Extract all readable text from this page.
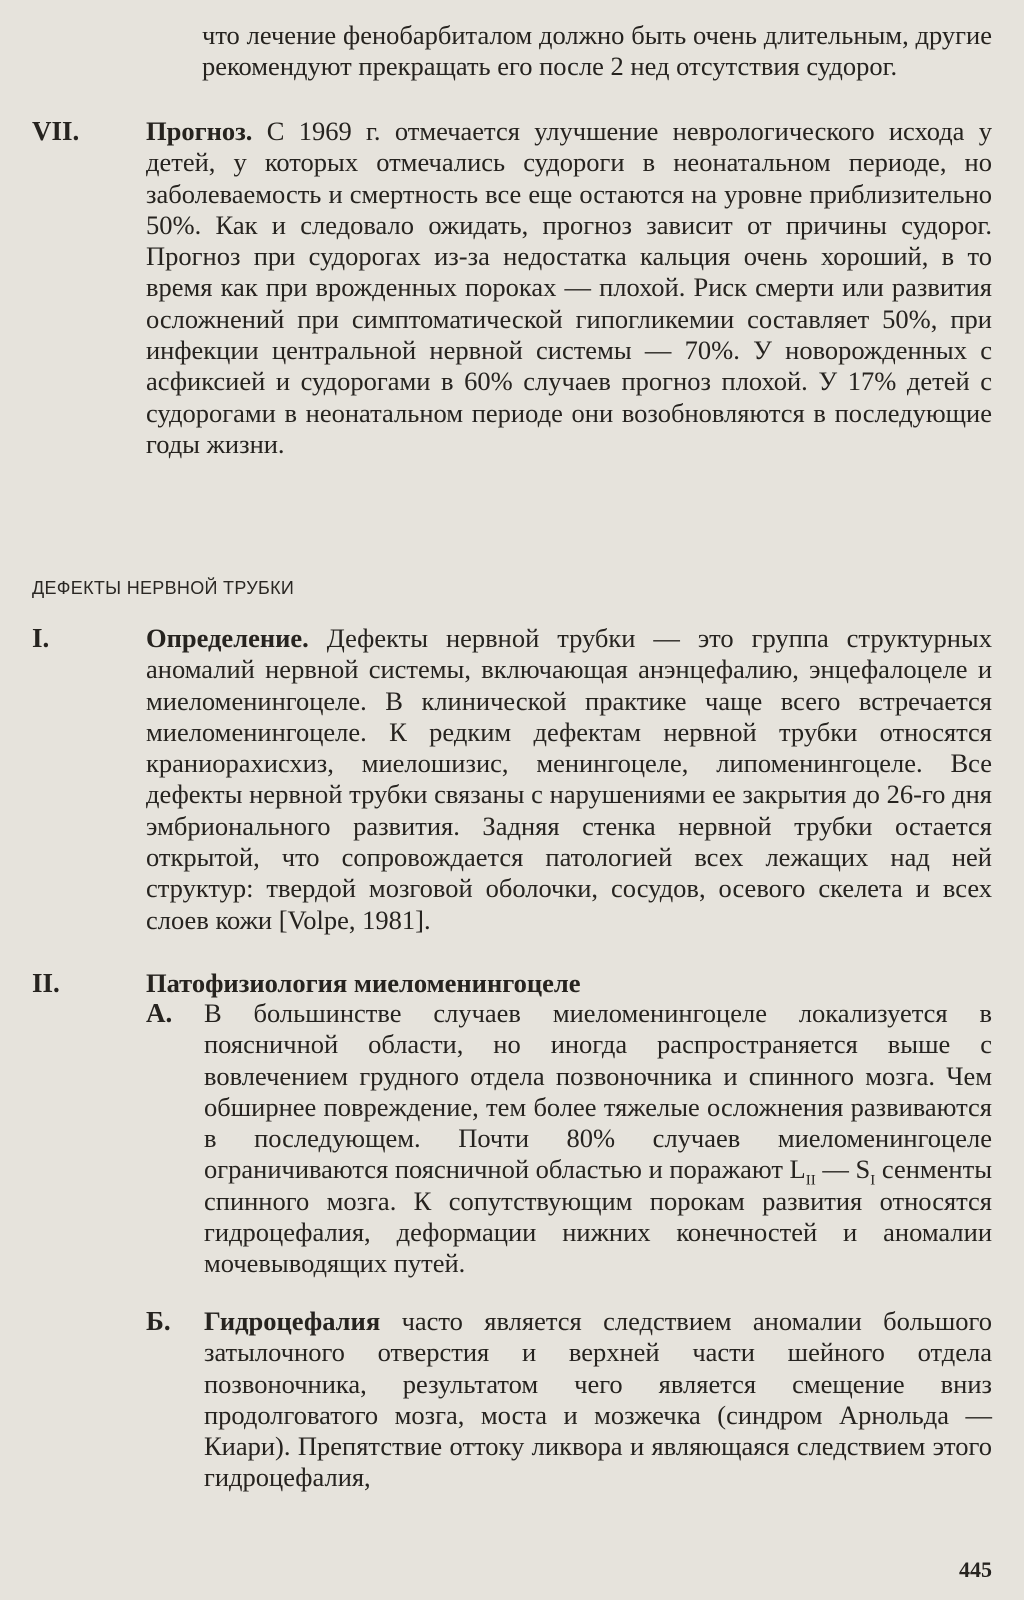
что лечение фенобарбиталом должно быть очень длительным, другие рекомендуют прекращать его после 2 нед отсутствия судорог.

VII.	Прогноз. С 1969 г. отмечается улучшение неврологического исхода у детей, у которых отмечались судороги в неонатальном периоде, но заболеваемость и смертность все еще остаются на уровне приблизительно 50%. Как и следовало ожидать, прогноз зависит от причины судорог. Прогноз при судорогах из-за недостатка кальция очень хороший, в то время как при врожденных пороках — плохой. Риск смерти или развития осложнений при симптоматической гипогликемии составляет 50%, при инфекции центральной нервной системы — 70%. У новорожденных с асфиксией и судорогами в 60% случаев прогноз плохой. У 17% детей с судорогами в неонатальном периоде они возобновляются в последующие годы жизни.

ДЕФЕКТЫ НЕРВНОЙ ТРУБКИ
I.	Определение. Дефекты нервной трубки — это группа структурных аномалий нервной системы, включающая анэнцефалию, энцефалоцеле и миеломенингоцеле. В клинической практике чаще всего встречается миеломенингоцеле. К редким дефектам нервной трубки относятся краниорахисхиз, миелошизис, менингоцеле, липоменингоцеле. Все дефекты нервной трубки связаны с нарушениями ее закрытия до 26-го дня эмбрионального развития. Задняя стенка нервной трубки остается открытой, что сопровождается патологией всех лежащих над ней структур: твердой мозговой оболочки, сосудов, осевого скелета и всех слоев кожи [Volpe, 1981].

II.	Патофизиология миеломенингоцеле
А. В большинстве случаев миеломенингоцеле локализуется в поясничной области, но иногда распространяется выше с вовлечением грудного отдела позвоночника и спинного мозга. Чем обширнее повреждение, тем более тяжелые осложнения развиваются в последующем. Почти 80% случаев миеломенингоцеле ограничиваются поясничной областью и поражают $L_{II}$ — $S_I$ сенменты спинного мозга. К сопутствующим порокам развития относятся гидроцефалия, деформации нижних конечностей и аномалии мочевыводящих путей.

Б. Гидроцефалия часто является следствием аномалии большого затылочного отверстия и верхней части шейного отдела позвоночника, результатом чего является смещение вниз продолговатого мозга, моста и мозжечка (синдром Арнольда — Киари). Препятствие оттоку ликвора и являющаяся следствием этого гидроцефалия,

445
